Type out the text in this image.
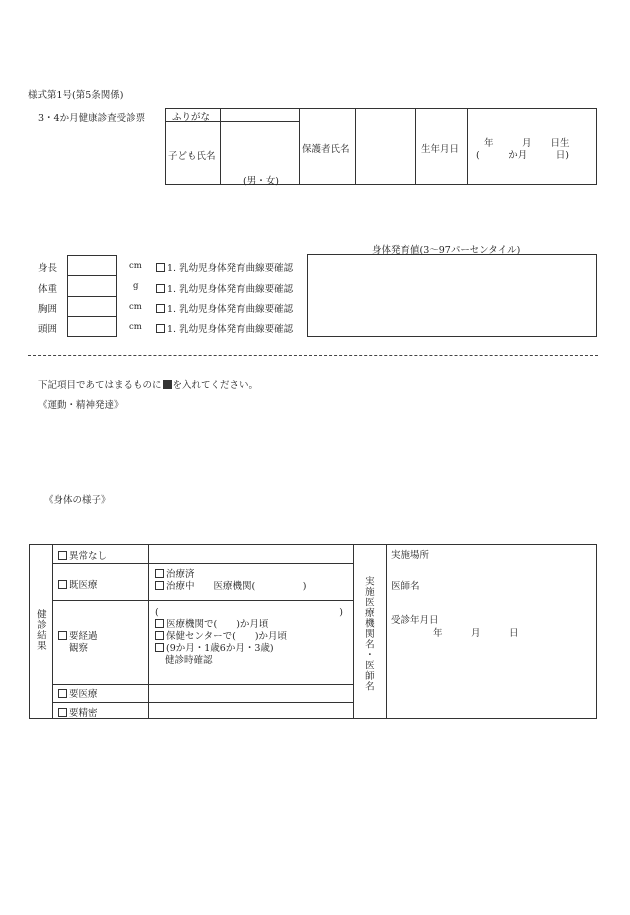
様式第1号(第5条関係)
3・4か月健康診査受診票	ふりがな
子ども氏名
(男・女)
保護者氏名	生年月日
年　　　月　　日生
(　　　か月　　　日)
身体発育値(3〜97パーセンタイル)
身長
体重
胸囲
頭囲
cm
g
cm
cm
1. 乳幼児身体発育曲線要確認
1. 乳幼児身体発育曲線要確認
1. 乳幼児身体発育曲線要確認
1. 乳幼児身体発育曲線要確認
下記項目であてはまるものに を入れてください。
《運動・精神発達》
《身体の様子》
健診結果
異常なし
既医療
治療済
治療中　　医療機関(　　　　　)
要経過
観察
(　　　　　　　　　　　　　　　　　　　)
医療機関で(　　)か月頃
保健センターで(　　)か月頃
(9か月・1歳6か月・3歳)
健診時確認
要医療
要精密
実施医療機関名・医師名
実施場所
医師名
受診年月日
年　　　月　　　日
